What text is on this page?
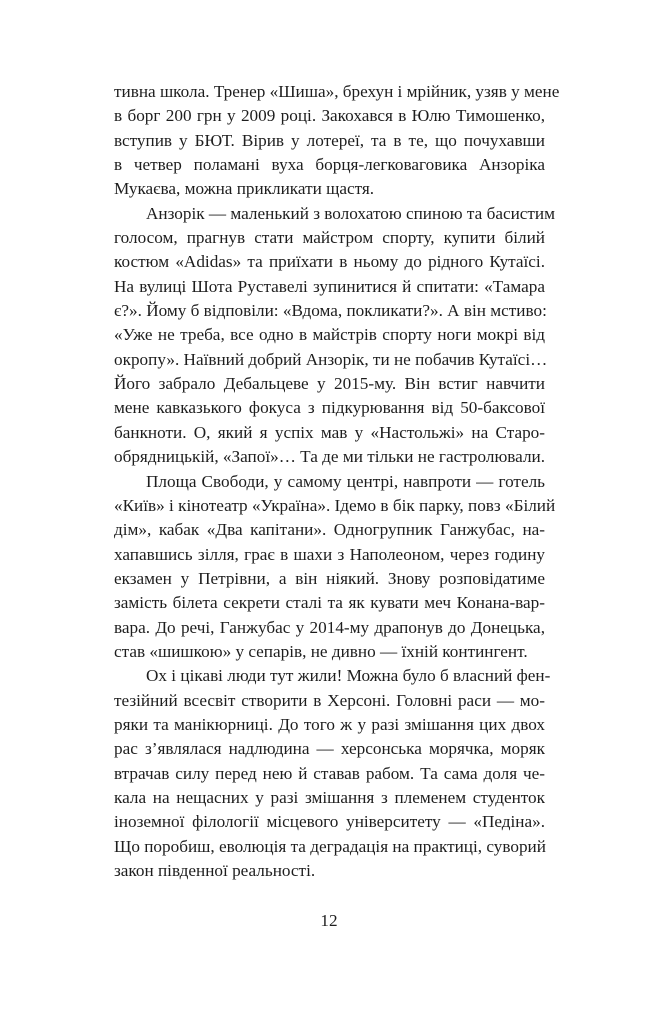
тивна школа. Тренер «Шиша», брехун і мрійник, узяв у мене
в борг 200 грн у 2009 році. Закохався в Юлю Тимошенко,
вступив у БЮТ. Вірив у лотереї, та в те, що почухавши
в четвер поламані вуха борця-легковаговика Анзоріка
Мукаєва, можна прикликати щастя.
Анзорік — маленький з волохатою спиною та басистим
голосом, прагнув стати майстром спорту, купити білий
костюм «Adidas» та приїхати в ньому до рідного Кутаїсі.
На вулиці Шота Руставелі зупинитися й спитати: «Тамара
є?». Йому б відповіли: «Вдома, покликати?». А він мстиво:
«Уже не треба, все одно в майстрів спорту ноги мокрі від
окропу». Наївний добрий Анзорік, ти не побачив Кутаїсі…
Його забрало Дебальцеве у 2015-му. Він встиг навчити
мене кавказького фокуса з підкурювання від 50-баксової
банкноти. О, який я успіх мав у «Настольжі» на Старо-
обрядницькій, «Запої»… Та де ми тільки не гастролювали.
Площа Свободи, у самому центрі, навпроти — готель
«Київ» і кінотеатр «Україна». Ідемо в бік парку, повз «Білий
дім», кабак «Два капітани». Одногрупник Ганжубас, на-
хапавшись зілля, грає в шахи з Наполеоном, через годину
екзамен у Петрівни, а він ніякий. Знову розповідатиме
замість білета секрети сталі та як кувати меч Конана-вар-
вара. До речі, Ганжубас у 2014-му драпонув до Донецька,
став «шишкою» у сепарів, не дивно — їхній контингент.
Ох і цікаві люди тут жили! Можна було б власний фен-
тезійний всесвіт створити в Херсоні. Головні раси — мо-
ряки та манікюрниці. До того ж у разі змішання цих двох
рас з’являлася надлюдина — херсонська морячка, моряк
втрачав силу перед нею й ставав рабом. Та сама доля че-
кала на нещасних у разі змішання з племенем студенток
іноземної філології місцевого університету — «Педіна».
Що поробиш, еволюція та деградація на практиці, суворий
закон південної реальності.
12
